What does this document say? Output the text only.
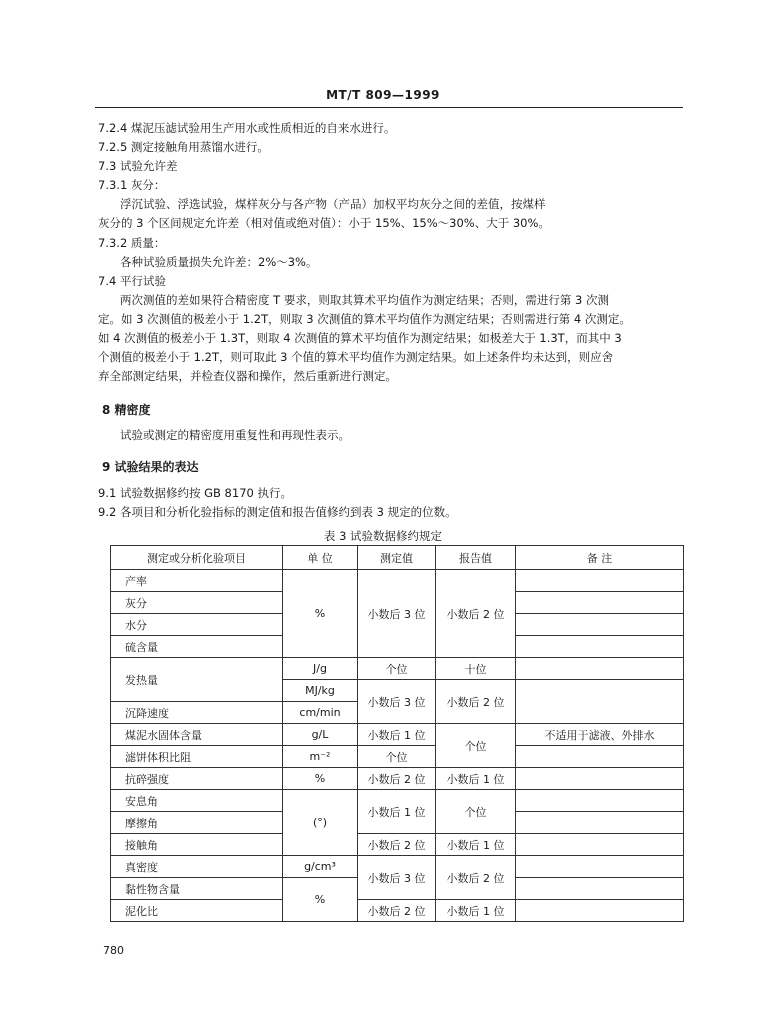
MT/T 809—1999
7.2.4 煤泥压滤试验用生产用水或性质相近的自来水进行。
7.2.5 测定接触角用蒸馏水进行。
7.3 试验允许差
7.3.1 灰分：
浮沉试验、浮选试验，煤样灰分与各产物（产品）加权平均灰分之间的差值，按煤样
灰分的 3 个区间规定允许差（相对值或绝对值）：小于 15%、15%～30%、大于 30%。
7.3.2 质量：
各种试验质量损失允许差：2%～3%。
7.4 平行试验
两次测值的差如果符合精密度 T 要求，则取其算术平均值作为测定结果；否则，需进行第 3 次测
定。如 3 次测值的极差小于 1.2T，则取 3 次测值的算术平均值作为测定结果；否则需进行第 4 次测定。
如 4 次测值的极差小于 1.3T，则取 4 次测值的算术平均值作为测定结果；如极差大于 1.3T，而其中 3
个测值的极差小于 1.2T，则可取此 3 个值的算术平均值作为测定结果。如上述条件均未达到，则应舍
弃全部测定结果，并检查仪器和操作，然后重新进行测定。
8 精密度
试验或测定的精密度用重复性和再现性表示。
9 试验结果的表达
9.1 试验数据修约按 GB 8170 执行。
9.2 各项目和分析化验指标的测定值和报告值修约到表 3 规定的位数。
表 3 试验数据修约规定
测定或分析化验项目	单 位	测定值	报告值	备 注
产率	%	小数后 3 位	小数后 2 位	
灰分				
水分				
硫含量				
发热量	J/g	个位	十位	
	MJ/kg	小数后 3 位	小数后 2 位	
沉降速度	cm/min			
煤泥水固体含量	g/L	小数后 1 位	个位	不适用于滤液、外排水
滤饼体积比阻	m⁻²	个位		
抗碎强度	%	小数后 2 位	小数后 1 位	
安息角	(°)	小数后 1 位	个位	
摩擦角				
接触角		小数后 2 位	小数后 1 位	
真密度	g/cm³	小数后 3 位	小数后 2 位	
黏性物含量	%			
泥化比		小数后 2 位	小数后 1 位	
780
